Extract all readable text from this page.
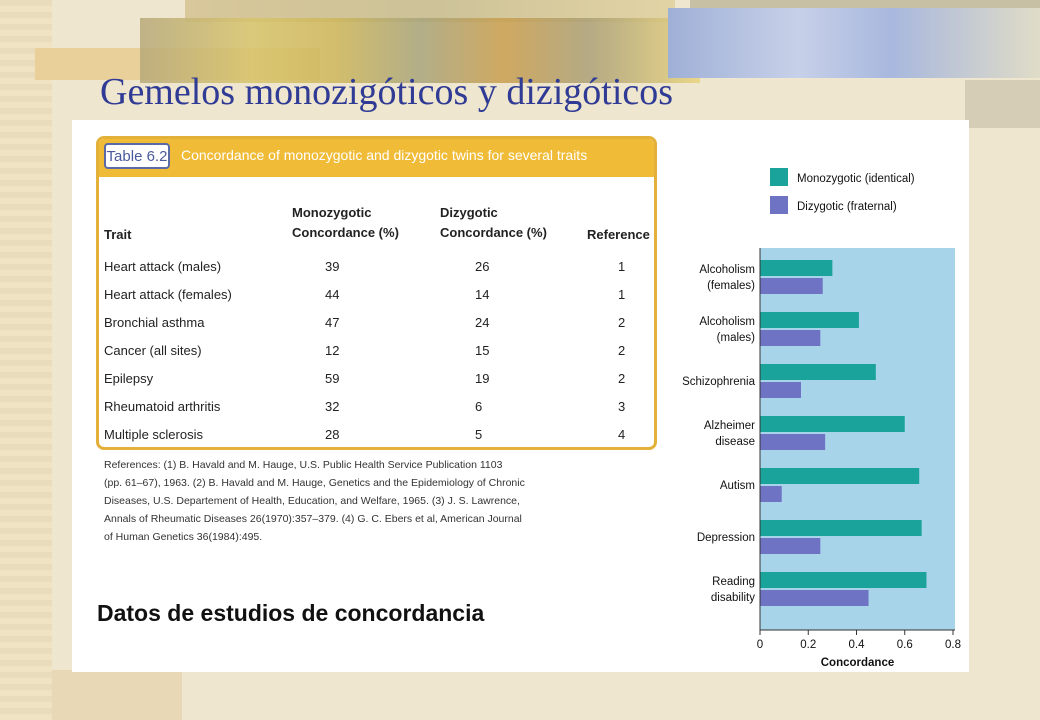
Gemelos monozigóticos y dizigóticos
Table 6.2 Concordance of monozygotic and dizygotic twins for several traits
Trait
Monozygotic
Concordance (%)
Dizygotic
Concordance (%)	Reference
Heart attack (males)	39	26	1
Heart attack (females)	44	14	1
Bronchial asthma	47	24	2
Cancer (all sites)	12	15	2
Epilepsy	59	19	2
Rheumatoid arthritis	32	6	3
Multiple sclerosis	28	5	4
References: (1) B. Havald and M. Hauge, U.S. Public Health Service Publication 1103
(pp. 61–67), 1963. (2) B. Havald and M. Hauge, Genetics and the Epidemiology of Chronic
Diseases, U.S. Departement of Health, Education, and Welfare, 1965. (3) J. S. Lawrence,
Annals of Rheumatic Diseases 26(1970):357–379. (4) G. C. Ebers et al, American Journal
of Human Genetics 36(1984):495.
Datos de estudios de concordancia
Monozygotic (identical)
Dizygotic (fraternal)
Alcoholism
(females)
Alcoholism
(males)
Schizophrenia
Alzheimer
disease
Autism
Depression
Reading
disability
0	0.2	0.4	0.6	0.8
Concordance
